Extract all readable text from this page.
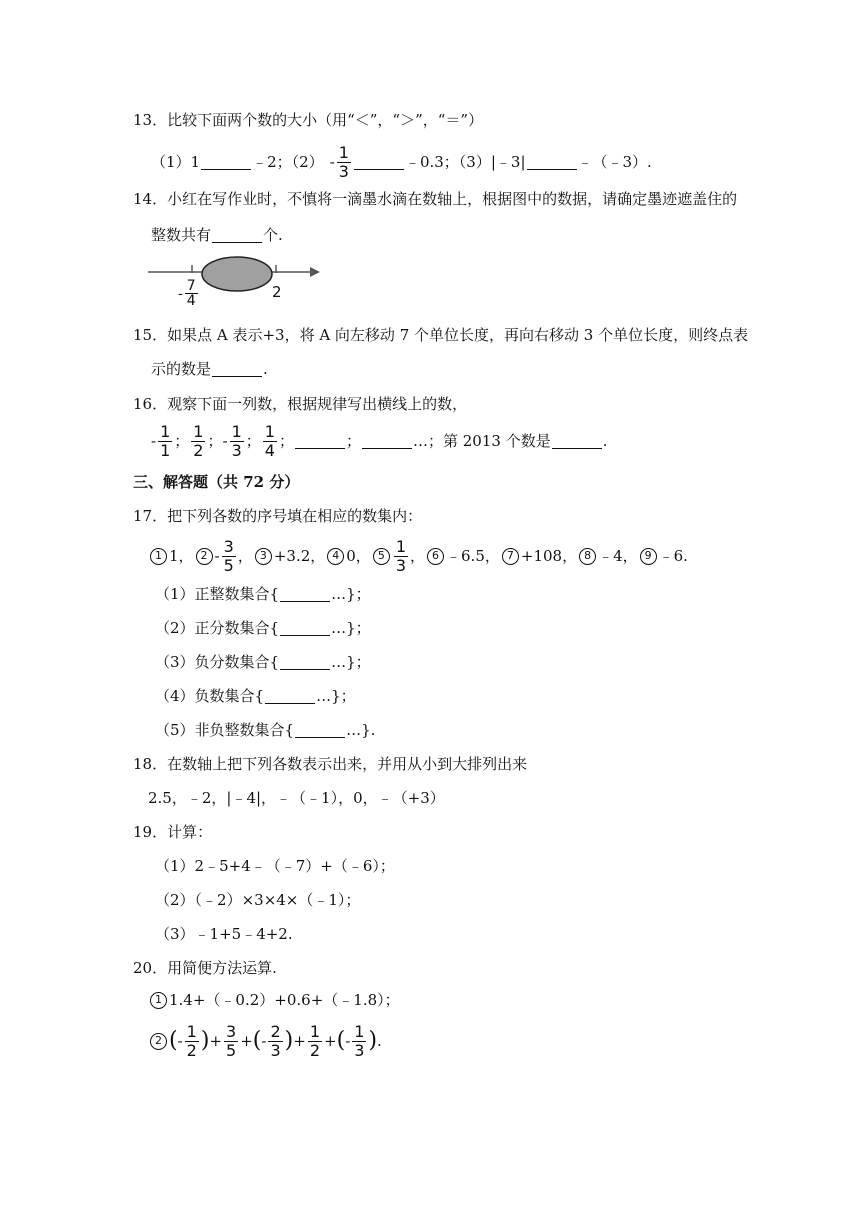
13．比较下面两个数的大小（用“＜”，“＞”，“＝”）
（1）1	﹣2；$(2) - \frac{1}{3}$	﹣0.3；（3）|﹣3|	﹣（﹣3）.
14．小红在写作业时，不慎将一滴墨水滴在数轴上，根据图中的数据，请确定墨迹遮盖住的
整数共有	个.
- $\frac{7}{4}$	2
15．如果点 A 表示+3，将 A 向左移动 7 个单位长度，再向右移动 3 个单位长度，则终点表
示的数是	.
16．观察下面一列数，根据规律写出横线上的数，
- $\frac{1}{1}$ ； $\frac{1}{2}$ ； - $\frac{1}{3}$ ； $\frac{1}{4}$ ；	；	…；第 2013 个数是	.
三、解答题（共 72 分）
17．把下列各数的序号填在相应的数集内：
1 1， $2 - \frac{3}{5}$ ， 3 +3.2， 4 0， $5 \frac{1}{3}$ ， 6 ﹣6.5， 7 +108， 8 ﹣4， 9 ﹣6.
（1）正整数集合{	…}；
（2）正分数集合{	…}；
（3）负分数集合{	…}；
（4）负数集合{	…}；
（5）非负整数集合{	…}.
18．在数轴上把下列各数表示出来，并用从小到大排列出来
2.5，﹣2，|﹣4|，﹣（﹣1），0，﹣（+3）
19．计算：
（1）2﹣5+4﹣（﹣7）+（﹣6）；
（2）（﹣2）×3×4×（﹣1）；
（3）﹣1+5﹣4+2.
20．用简便方法运算.
1 1.4+（﹣0.2）+0.6+（﹣1.8）；
2 ( - $\frac{1}{2}$ ) + $\frac{3}{5}$ + ( - $\frac{2}{3}$ ) + $\frac{1}{2}$ + ( - $\frac{1}{3}$ ) .
